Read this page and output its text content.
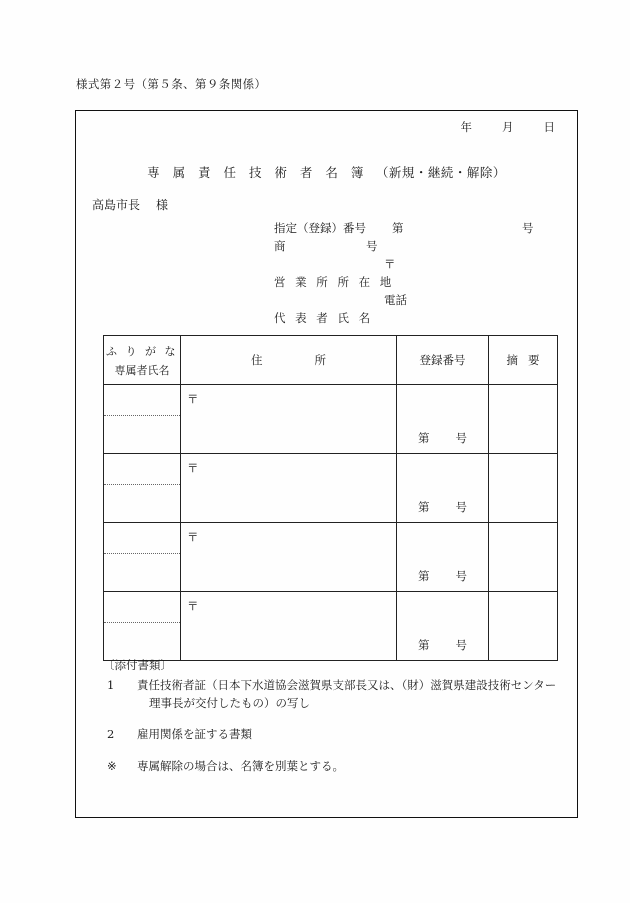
様式第２号（第５条、第９条関係）
年	月	日
専 属 責 任 技 術 者 名 簿 （新規・継続・解除）
高島市長 様
指定（登録）番号 第	号
商	号
〒
営 業 所 所 在 地
電話
代 表 者 氏 名
ふ り が な
専属者氏名	住 所	登録番号	摘 要

	〒	第 号	

	〒	第 号	

	〒	第 号	

	〒	第 号	

〔添付書類〕

1 責任技術者証（日本下水道協会滋賀県支部長又は、（財）滋賀県建設技術センター
理事長が交付したもの）の写し
2 雇用関係を証する書類
※ 専属解除の場合は、名簿を別葉とする。
